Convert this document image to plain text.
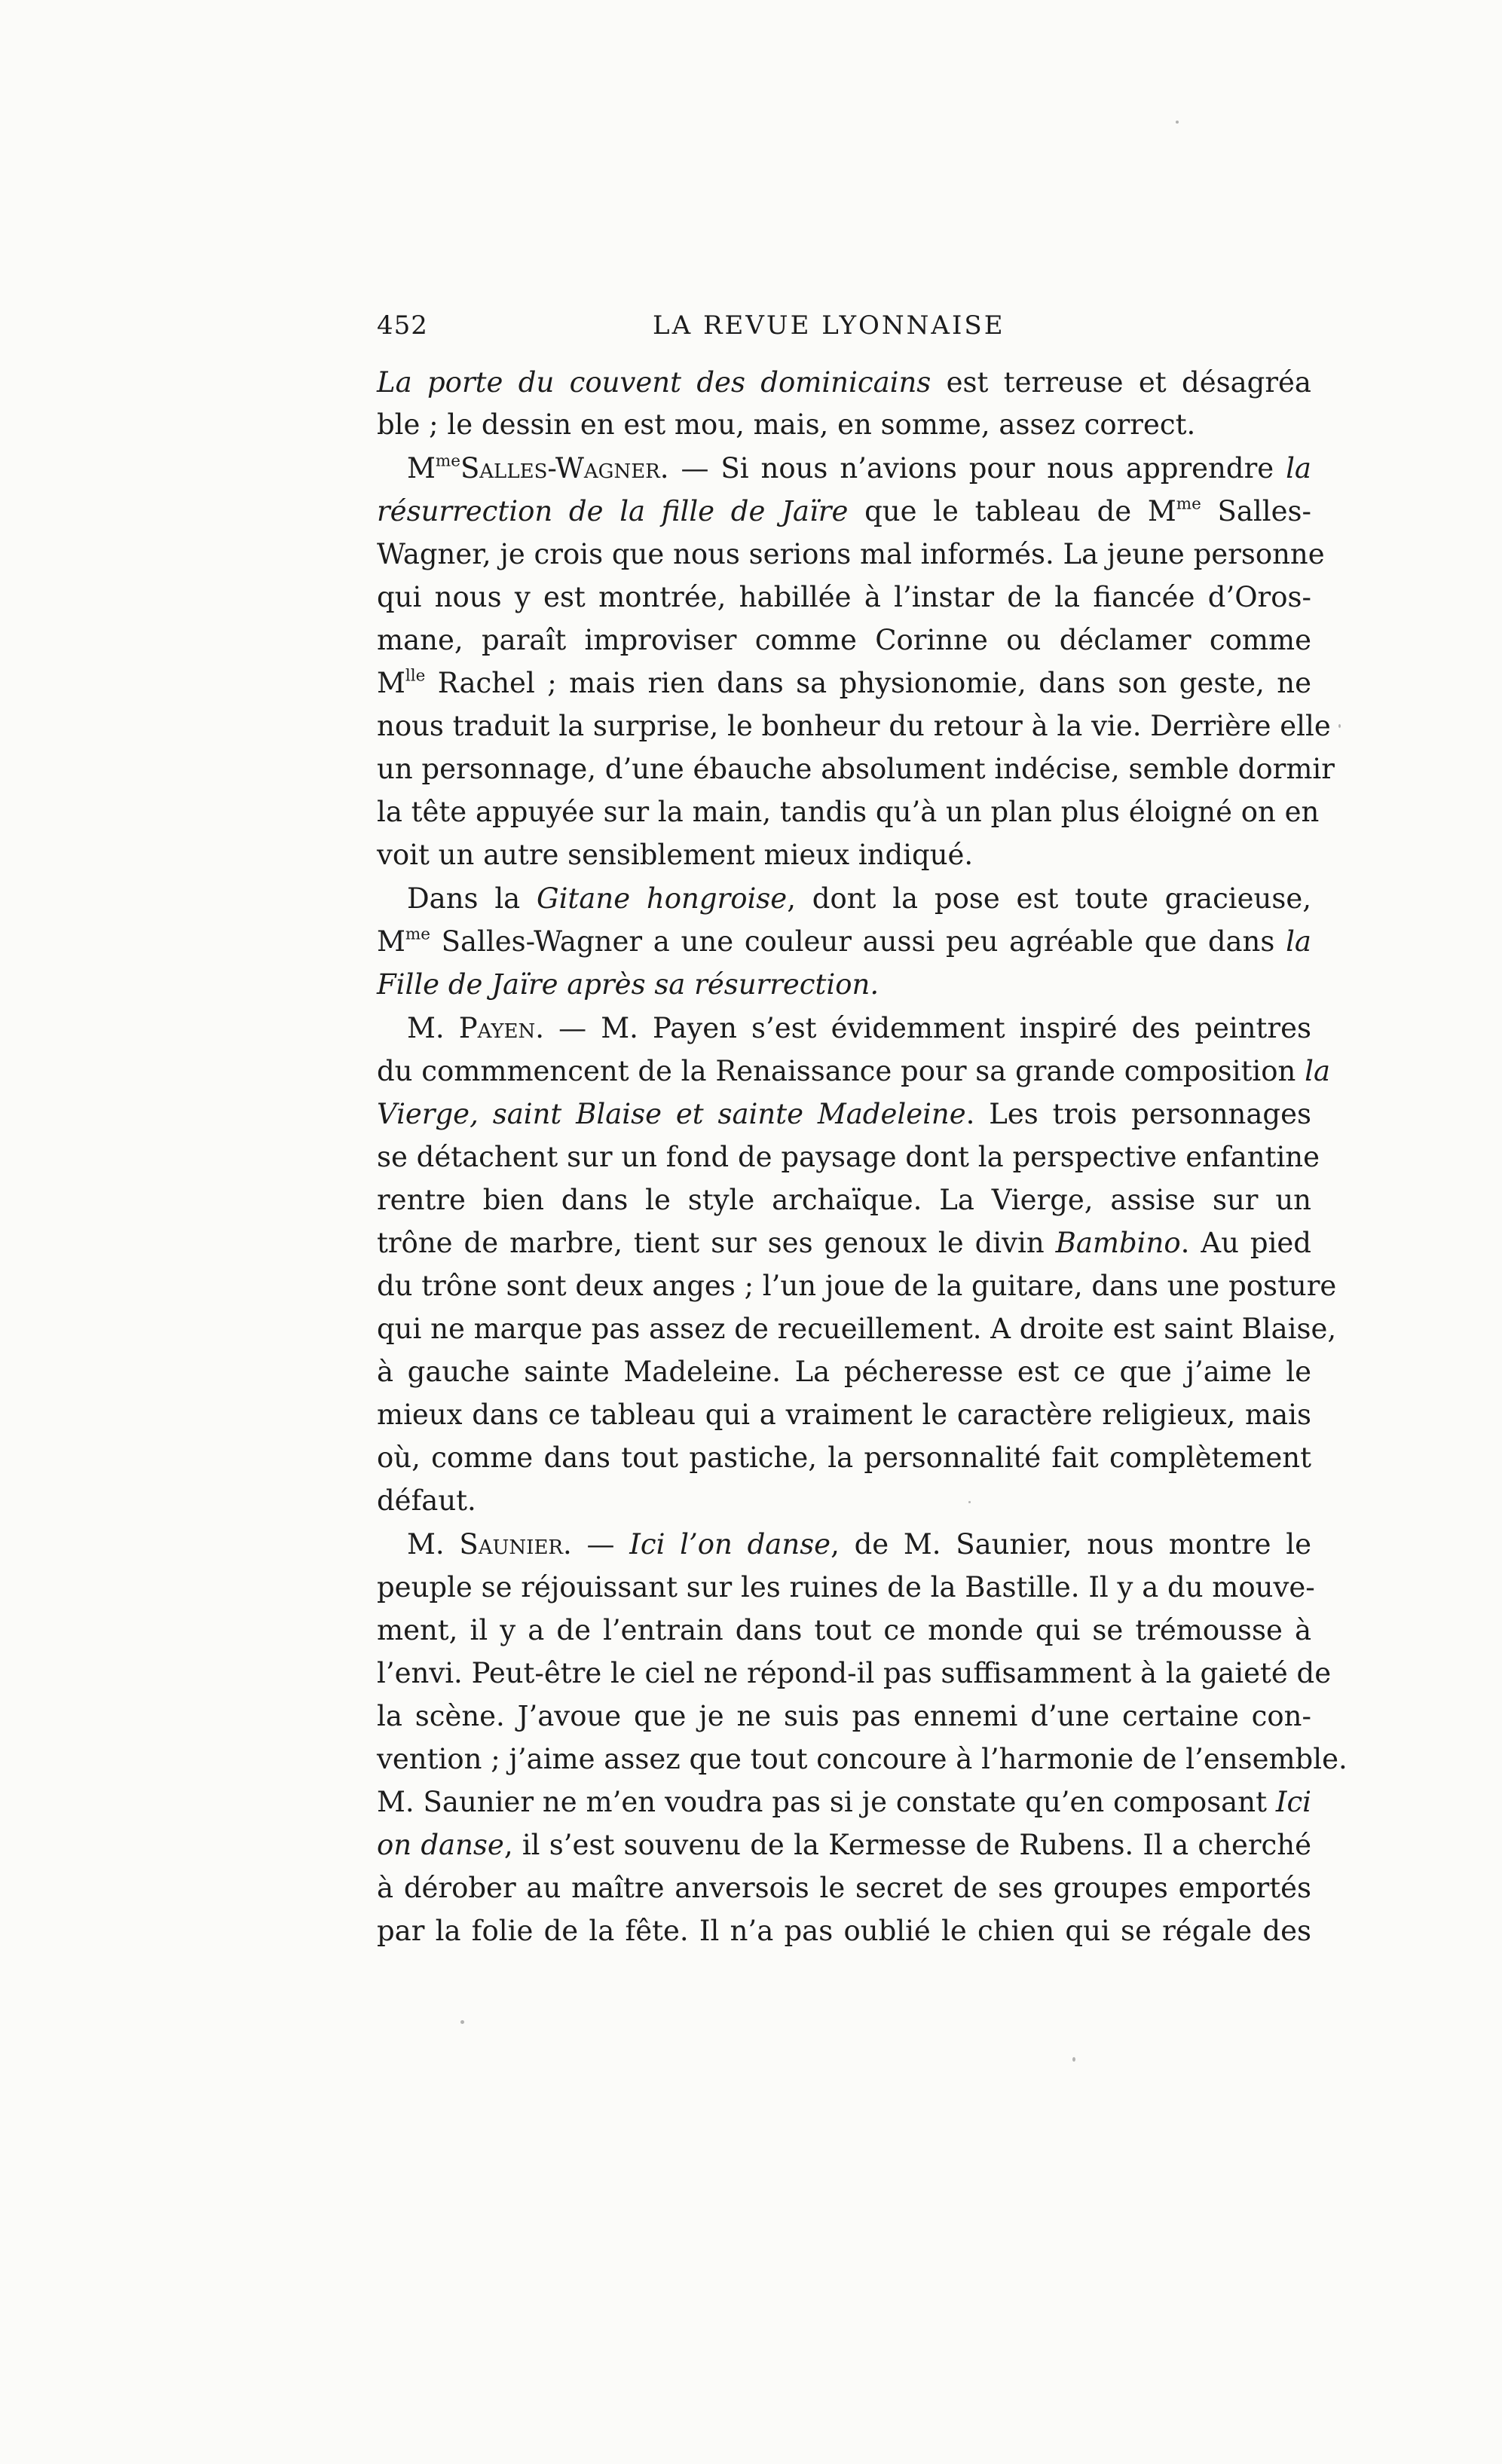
452	LA REVUE LYONNAISE
La porte du couvent des dominicains est terreuse et désagréa
ble ; le dessin en est mou, mais, en somme, assez correct.
$M^{me}Salles$-Wagner. — Si nous n’avions pour nous apprendre la
résurrection de la fille de Jaïre que le tableau de $M^{me}$ Salles-
Wagner, je crois que nous serions mal informés. La jeune personne
qui nous y est montrée, habillée à l’instar de la fiancée d’Oros-
mane, paraît improviser comme Corinne ou déclamer comme
$M^{lle}$ Rachel ; mais rien dans sa physionomie, dans son geste, ne
nous traduit la surprise, le bonheur du retour à la vie. Derrière elle
un personnage, d’une ébauche absolument indécise, semble dormir
la tête appuyée sur la main, tandis qu’à un plan plus éloigné on en
voit un autre sensiblement mieux indiqué.
Dans la Gitane hongroise, dont la pose est toute gracieuse,
$M^{me}$ Salles-Wagner a une couleur aussi peu agréable que dans la
Fille de Jaïre après sa résurrection.
M. Payen. — M. Payen s’est évidemment inspiré des peintres
du commmencent de la Renaissance pour sa grande composition la
Vierge, saint Blaise et sainte Madeleine. Les trois personnages
se détachent sur un fond de paysage dont la perspective enfantine
rentre bien dans le style archaïque. La Vierge, assise sur un
trône de marbre, tient sur ses genoux le divin Bambino. Au pied
du trône sont deux anges ; l’un joue de la guitare, dans une posture
qui ne marque pas assez de recueillement. A droite est saint Blaise,
à gauche sainte Madeleine. La pécheresse est ce que j’aime le
mieux dans ce tableau qui a vraiment le caractère religieux, mais
où, comme dans tout pastiche, la personnalité fait complètement
défaut.
M. Saunier. — Ici l’on danse, de M. Saunier, nous montre le
peuple se réjouissant sur les ruines de la Bastille. Il y a du mouve-
ment, il y a de l’entrain dans tout ce monde qui se trémousse à
l’envi. Peut-être le ciel ne répond-il pas suffisamment à la gaieté de
la scène. J’avoue que je ne suis pas ennemi d’une certaine con-
vention ; j’aime assez que tout concoure à l’harmonie de l’ensemble.
M. Saunier ne m’en voudra pas si je constate qu’en composant Ici
on danse, il s’est souvenu de la Kermesse de Rubens. Il a cherché
à dérober au maître anversois le secret de ses groupes emportés
par la folie de la fête. Il n’a pas oublié le chien qui se régale des
